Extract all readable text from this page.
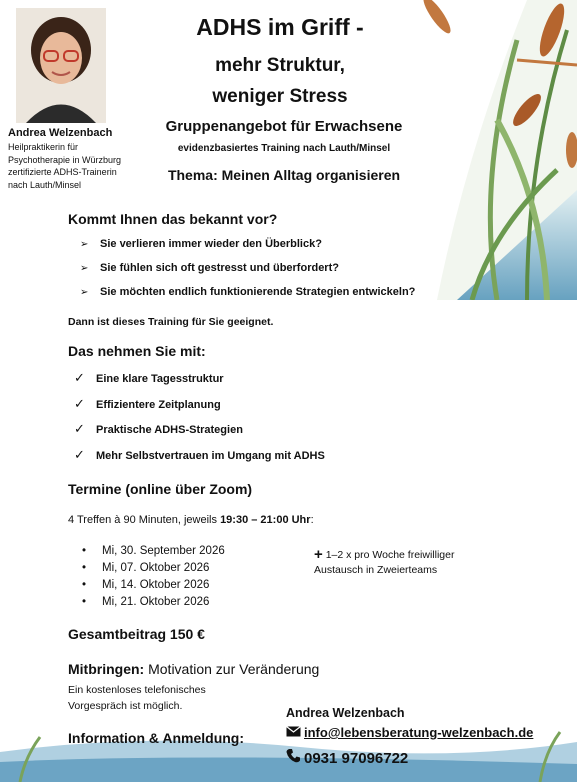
Andrea Welzenbach
Heilpraktikerin für
Psychotherapie in Würzburg
zertifizierte ADHS-Trainerin
nach Lauth/Minsel
ADHS im Griff -
mehr Struktur,
weniger Stress
Gruppenangebot für Erwachsene
evidenzbasiertes Training nach Lauth/Minsel
Thema: Meinen Alltag organisieren
Kommt Ihnen das bekannt vor?
➢ Sie verlieren immer wieder den Überblick?
➢ Sie fühlen sich oft gestresst und überfordert?
➢ Sie möchten endlich funktionierende Strategien entwickeln?
Dann ist dieses Training für Sie geeignet.
Das nehmen Sie mit:
✓ Eine klare Tagesstruktur
✓ Effizientere Zeitplanung
✓ Praktische ADHS-Strategien
✓ Mehr Selbstvertrauen im Umgang mit ADHS
Termine (online über Zoom)
4 Treffen à 90 Minuten, jeweils 19:30 – 21:00 Uhr:
• Mi, 30. September 2026
• Mi, 07. Oktober 2026
• Mi, 14. Oktober 2026
• Mi, 21. Oktober 2026
+ 1–2 x pro Woche freiwilliger
Austausch in Zweierteams
Gesamtbeitrag 150 €
Mitbringen: Motivation zur Veränderung
Ein kostenloses telefonisches
Vorgespräch ist möglich.	Andrea Welzenbach
Information & Anmeldung:	info@lebensberatung-welzenbach.de
0931 97096722
